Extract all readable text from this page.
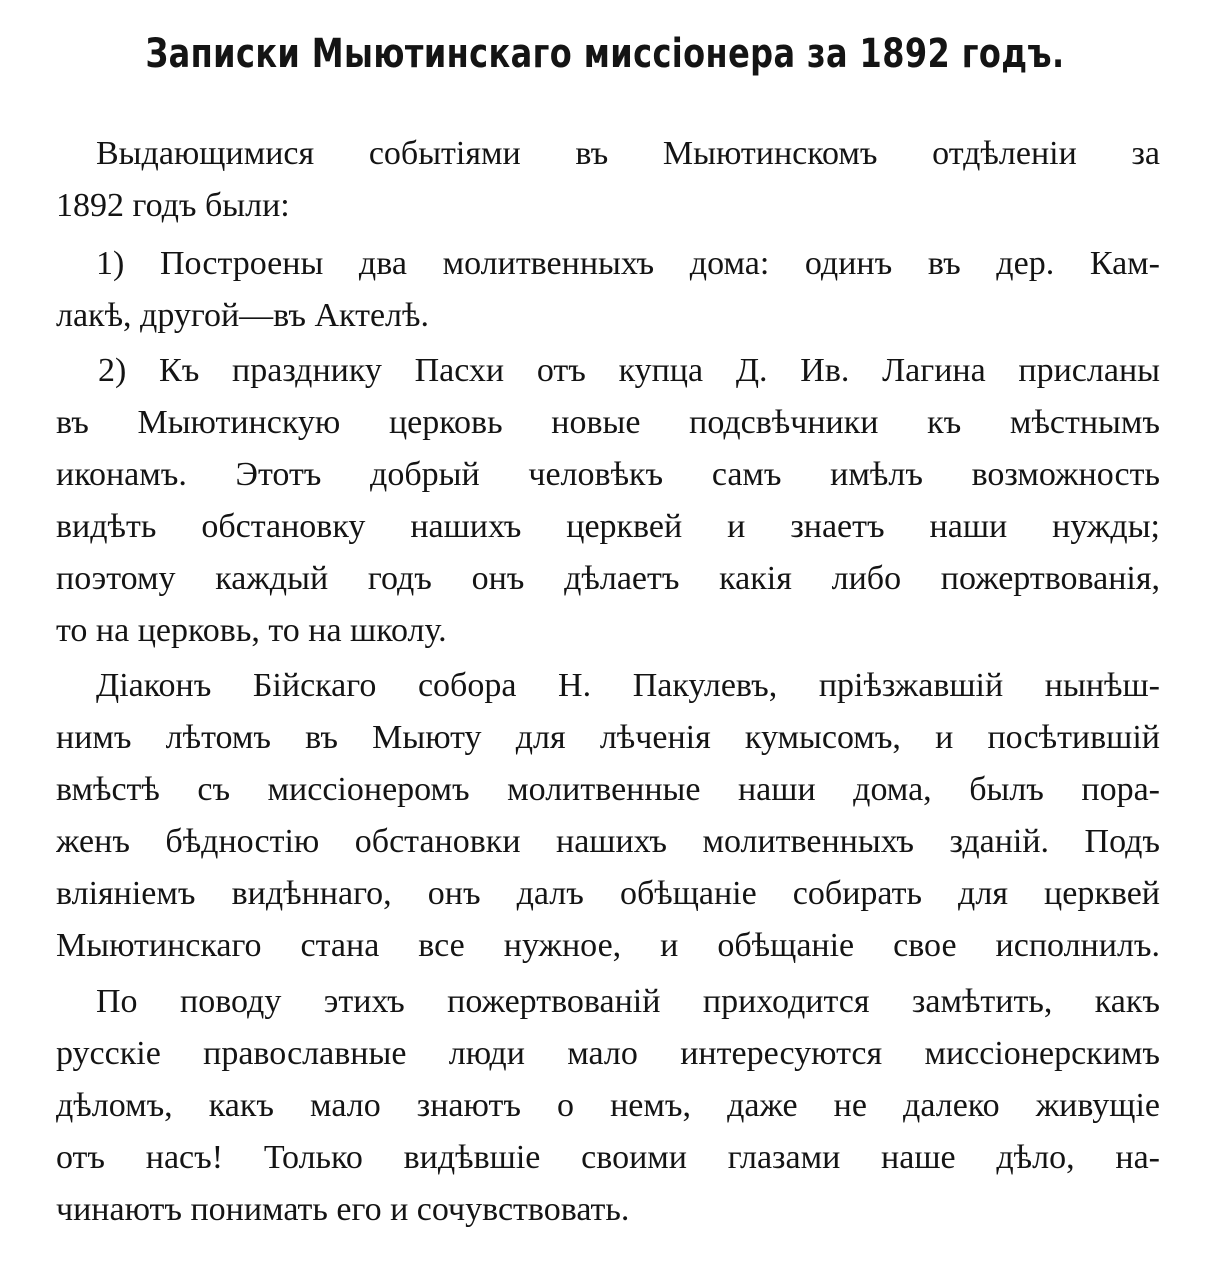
Записки Мыютинскаго миссіонера за 1892 годъ.
Выдающимися событіями въ Мыютинскомъ отдѣленіи за
1892 годъ были:
1) Построены два молитвенныхъ дома: одинъ въ дер. Кам-
лакѣ, другой—въ Актелѣ.
2) Къ празднику Пасхи отъ купца Д. Ив. Лагина присланы
въ Мыютинскую церковь новые подсвѣчники къ мѣстнымъ
иконамъ. Этотъ добрый человѣкъ самъ имѣлъ возможность
видѣть обстановку нашихъ церквей и знаетъ наши нужды;
поэтому каждый годъ онъ дѣлаетъ какія либо пожертвованія,
то на церковь, то на школу.
Діаконъ Бійскаго собора Н. Пакулевъ, пріѣзжавшій нынѣш-
нимъ лѣтомъ въ Мыюту для лѣченія кумысомъ, и посѣтившій
вмѣстѣ съ миссіонеромъ молитвенные наши дома, былъ пора-
женъ бѣдностію обстановки нашихъ молитвенныхъ зданій. Подъ
вліяніемъ видѣннаго, онъ далъ обѣщаніе собирать для церквей
Мыютинскаго стана все нужное, и обѣщаніе свое исполнилъ.
По поводу этихъ пожертвованій приходится замѣтить, какъ
русскіе православные люди мало интересуются миссіонерскимъ
дѣломъ, какъ мало знаютъ о немъ, даже не далеко живущіе
отъ насъ! Только видѣвшіе своими глазами наше дѣло, на-
чинаютъ понимать его и сочувствовать.
